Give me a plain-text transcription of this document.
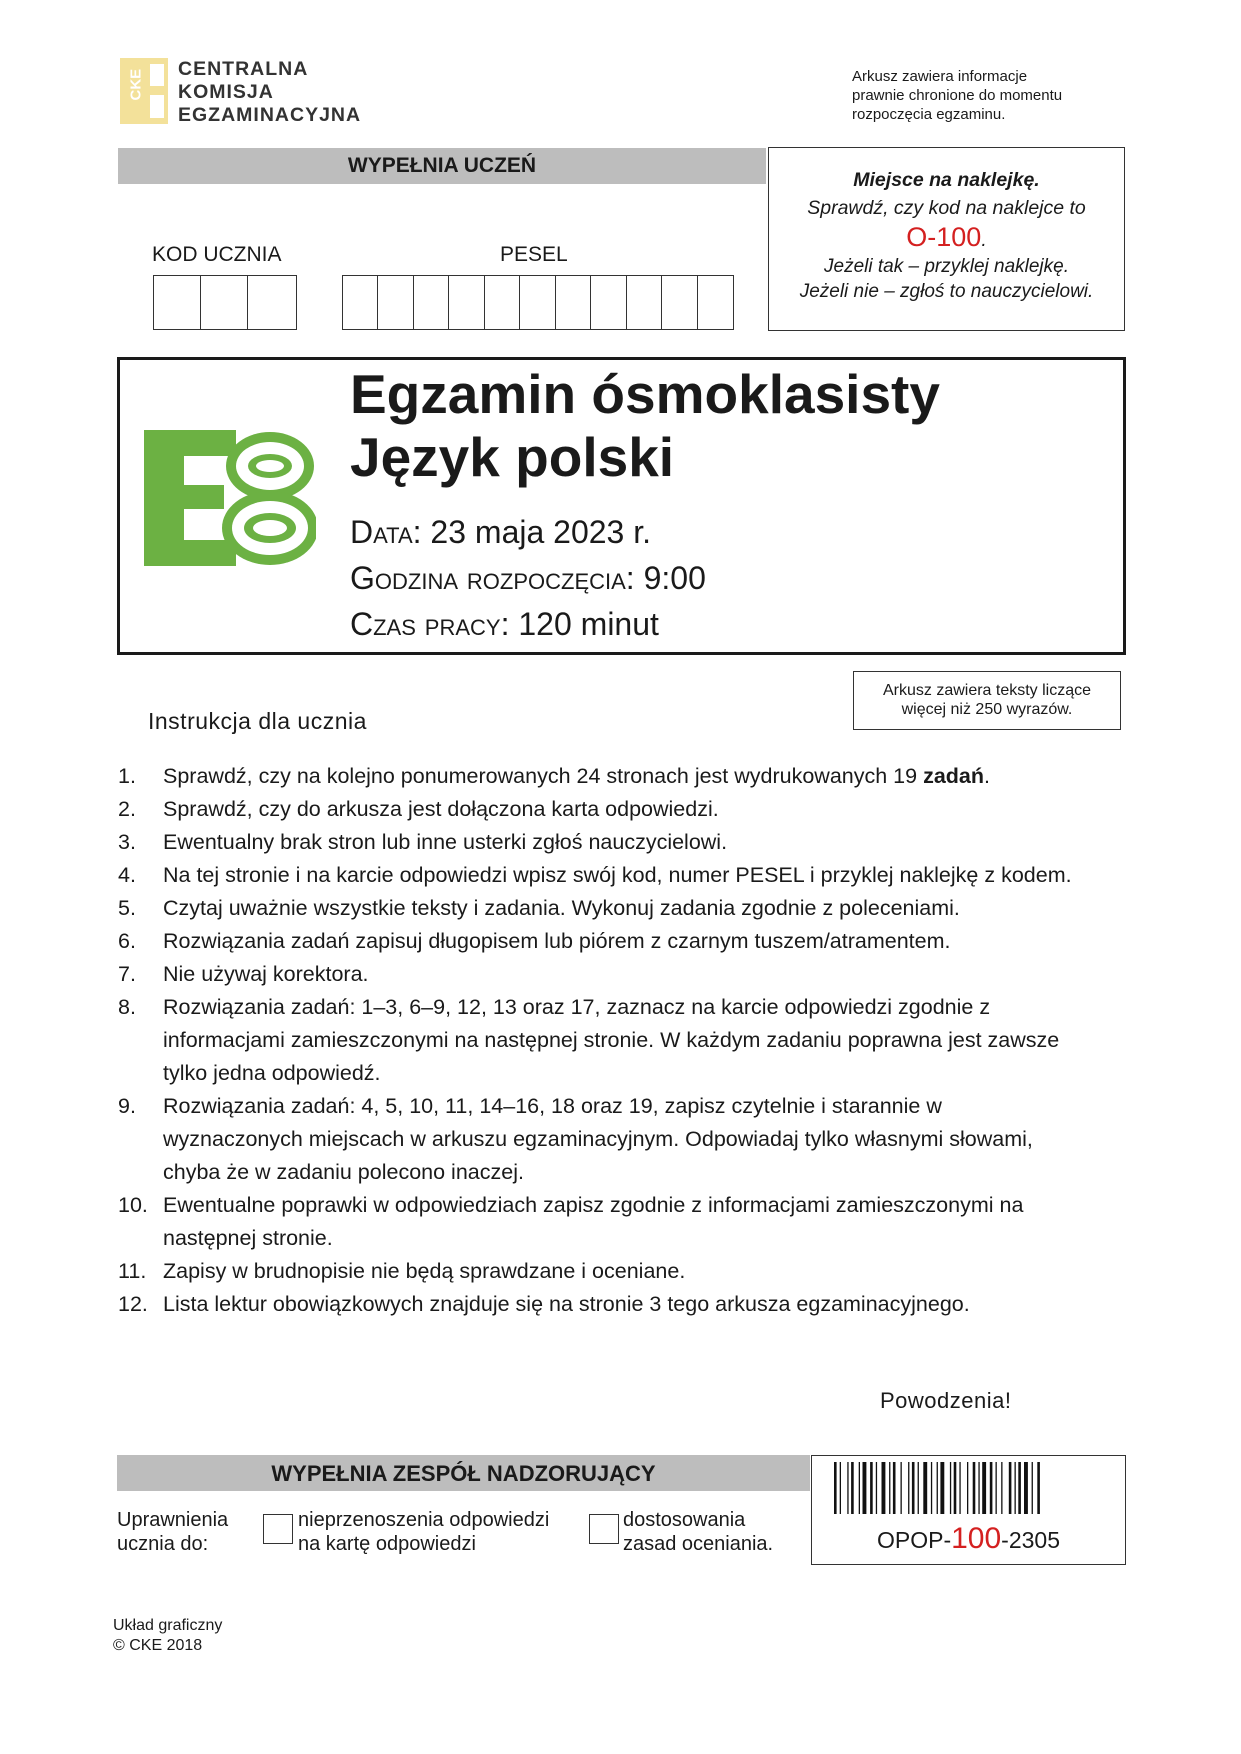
CKE CENTRALNA
KOMISJA
EGZAMINACYJNA
Arkusz zawiera informacje
prawnie chronione do momentu
rozpoczęcia egzaminu.
WYPEŁNIA UCZEŃ
KOD UCZNIA	PESEL
Miejsce na naklejkę.
Sprawdź, czy kod na naklejce to
O-100.
Jeżeli tak – przyklej naklejkę.
Jeżeli nie – zgłoś to nauczycielowi.
Egzamin ósmoklasisty
Język polski
Data: 23 maja 2023 r.
Godzina rozpoczęcia: 9:00
Czas pracy: 120 minut
Arkusz zawiera teksty liczące
więcej niż 250 wyrazów.
Instrukcja dla ucznia
1.	Sprawdź, czy na kolejno ponumerowanych 24 stronach jest wydrukowanych 19 zadań.
2.	Sprawdź, czy do arkusza jest dołączona karta odpowiedzi.
3.	Ewentualny brak stron lub inne usterki zgłoś nauczycielowi.
4.	Na tej stronie i na karcie odpowiedzi wpisz swój kod, numer PESEL i przyklej naklejkę z kodem.
5.	Czytaj uważnie wszystkie teksty i zadania. Wykonuj zadania zgodnie z poleceniami.
6.	Rozwiązania zadań zapisuj długopisem lub piórem z czarnym tuszem/atramentem.
7.	Nie używaj korektora.
8.	Rozwiązania zadań: 1–3, 6–9, 12, 13 oraz 17, zaznacz na karcie odpowiedzi zgodnie z informacjami zamieszczonymi na następnej stronie. W każdym zadaniu poprawna jest zawsze tylko jedna odpowiedź.
9.	Rozwiązania zadań: 4, 5, 10, 11, 14–16, 18 oraz 19, zapisz czytelnie i starannie w wyznaczonych miejscach w arkuszu egzaminacyjnym. Odpowiadaj tylko własnymi słowami, chyba że w zadaniu polecono inaczej.
10. Ewentualne poprawki w odpowiedziach zapisz zgodnie z informacjami zamieszczonymi na następnej stronie.
11. Zapisy w brudnopisie nie będą sprawdzane i oceniane.
12. Lista lektur obowiązkowych znajduje się na stronie 3 tego arkusza egzaminacyjnego.
Powodzenia!
WYPEŁNIA ZESPÓŁ NADZORUJĄCY
Uprawnienia
ucznia do:
nieprzenoszenia odpowiedzi
na kartę odpowiedzi
dostosowania
zasad oceniania.	OPOP-100-2305
Układ graficzny
© CKE 2018
